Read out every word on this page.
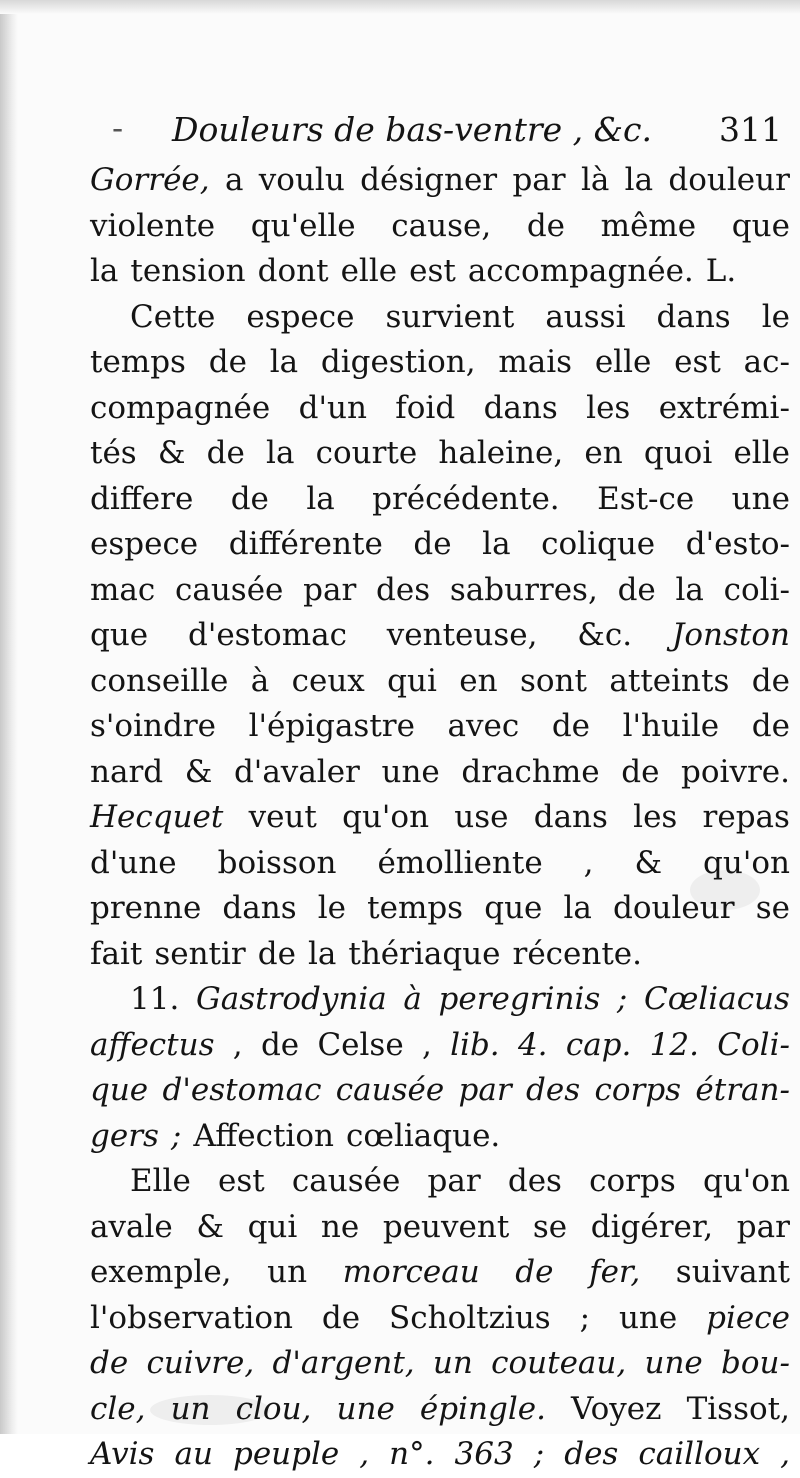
- Douleurs de bas-ventre , &c. 311
Gorrée, a voulu désigner par là la douleur
violente qu'elle cause, de même que
la tension dont elle est accompagnée. L.
Cette espece survient aussi dans le
temps de la digestion, mais elle est ac-
compagnée d'un foid dans les extrémi-
tés & de la courte haleine, en quoi elle
differe de la précédente. Est-ce une
espece différente de la colique d'esto-
mac causée par des saburres, de la coli-
que d'estomac venteuse, &c. Jonston
conseille à ceux qui en sont atteints de
s'oindre l'épigastre avec de l'huile de
nard & d'avaler une drachme de poivre.
Hecquet veut qu'on use dans les repas
d'une boisson émolliente , & qu'on
prenne dans le temps que la douleur se
fait sentir de la thériaque récente.
11. Gastrodynia à peregrinis ; Cœliacus
affectus , de Celse , lib. 4. cap. 12. Coli-
que d'estomac causée par des corps étran-
gers ; Affection cœliaque.
Elle est causée par des corps qu'on
avale & qui ne peuvent se digérer, par
exemple, un morceau de fer, suivant
l'observation de Scholtzius ; une piece
de cuivre, d'argent, un couteau, une bou-
cle, un clou, une épingle. Voyez Tissot,
Avis au peuple , n°. 363 ; des cailloux ,
